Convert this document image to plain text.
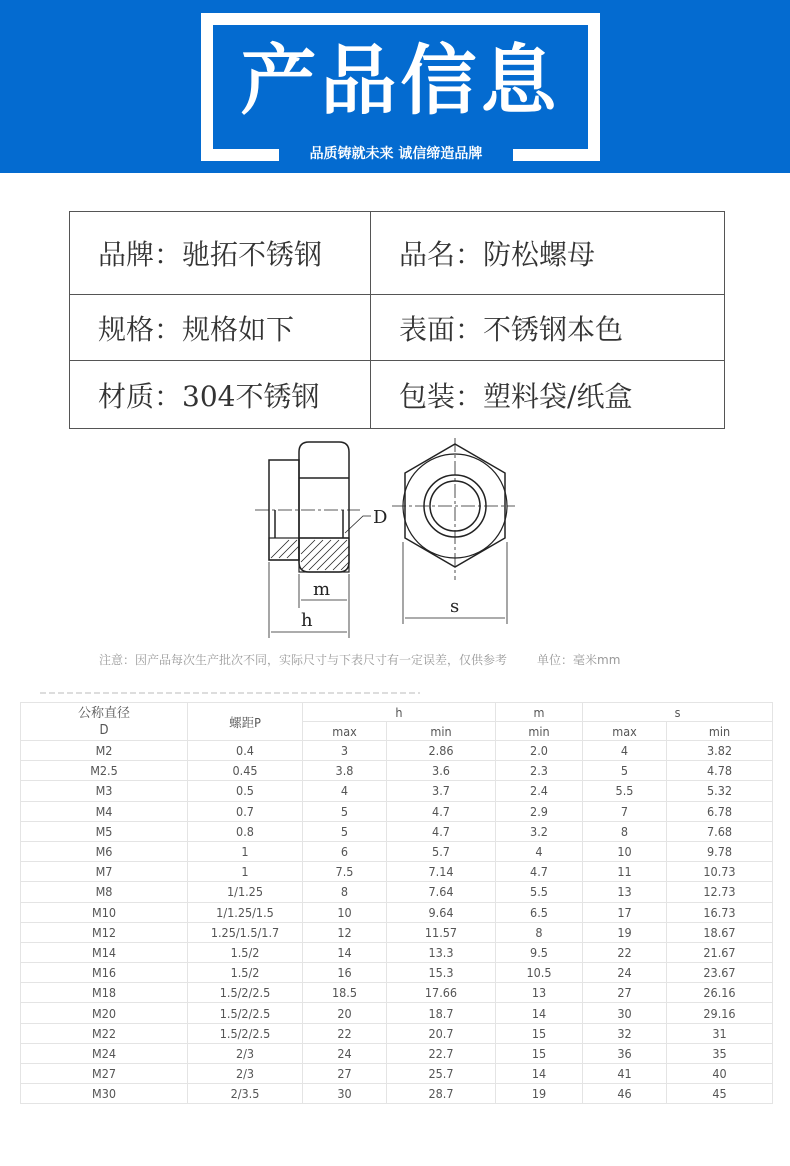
产品信息
品质铸就未来 诚信缔造品牌
品牌：驰拓不锈钢	品名：防松螺母
规格：规格如下	表面：不锈钢本色
材质：304不锈钢	包装：塑料袋/纸盒
D
m
h
s
注意：因产品每次生产批次不同，实际尺寸与下表尺寸有一定误差，仅供参考	单位：毫米mm
公称直径
D	螺距P	h		m	s	
		max	min	min	max	min
M2	0.4	3	2.86	2.0	4	3.82
M2.5	0.45	3.8	3.6	2.3	5	4.78
M3	0.5	4	3.7	2.4	5.5	5.32
M4	0.7	5	4.7	2.9	7	6.78
M5	0.8	5	4.7	3.2	8	7.68
M6	1	6	5.7	4	10	9.78
M7	1	7.5	7.14	4.7	11	10.73
M8	1/1.25	8	7.64	5.5	13	12.73
M10	1/1.25/1.5	10	9.64	6.5	17	16.73
M12	1.25/1.5/1.7	12	11.57	8	19	18.67
M14	1.5/2	14	13.3	9.5	22	21.67
M16	1.5/2	16	15.3	10.5	24	23.67
M18	1.5/2/2.5	18.5	17.66	13	27	26.16
M20	1.5/2/2.5	20	18.7	14	30	29.16
M22	1.5/2/2.5	22	20.7	15	32	31
M24	2/3	24	22.7	15	36	35
M27	2/3	27	25.7	14	41	40
M30	2/3.5	30	28.7	19	46	45
